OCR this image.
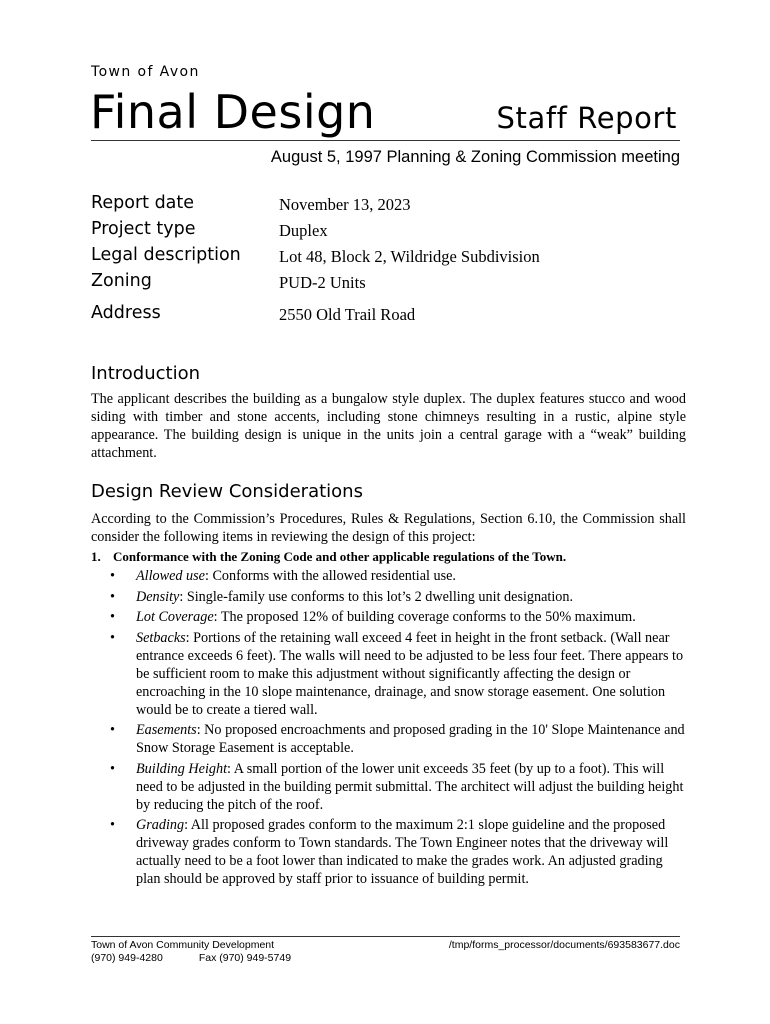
Town of Avon
Final Design	Staff Report
August 5, 1997 Planning & Zoning Commission meeting
Report date	November 13, 2023
Project type	Duplex
Legal description Lot 48, Block 2, Wildridge Subdivision
Zoning	PUD-2 Units
Address	2550 Old Trail Road
Introduction
The applicant describes the building as a bungalow style duplex. The duplex features stucco and wood siding with timber and stone accents, including stone chimneys resulting in a rustic, alpine style appearance. The building design is unique in the units join a central garage with a “weak” building attachment.
Design Review Considerations
According to the Commission’s Procedures, Rules & Regulations, Section 6.10, the Commission shall consider the following items in reviewing the design of this project:
1. Conformance with the Zoning Code and other applicable regulations of the Town.
• Allowed use: Conforms with the allowed residential use.
• Density: Single-family use conforms to this lot’s 2 dwelling unit designation.
• Lot Coverage: The proposed 12% of building coverage conforms to the 50% maximum.
• Setbacks: Portions of the retaining wall exceed 4 feet in height in the front setback. (Wall near entrance exceeds 6 feet). The walls will need to be adjusted to be less four feet. There appears to be sufficient room to make this adjustment without significantly affecting the design or encroaching in the 10 slope maintenance, drainage, and snow storage easement. One solution would be to create a tiered wall.
• Easements: No proposed encroachments and proposed grading in the 10' Slope Maintenance and Snow Storage Easement is acceptable.
• Building Height: A small portion of the lower unit exceeds 35 feet (by up to a foot). This will need to be adjusted in the building permit submittal. The architect will adjust the building height by reducing the pitch of the roof.
• Grading: All proposed grades conform to the maximum 2:1 slope guideline and the proposed driveway grades conform to Town standards. The Town Engineer notes that the driveway will actually need to be a foot lower than indicated to make the grades work. An adjusted grading plan should be approved by staff prior to issuance of building permit.
Town of Avon Community Development
(970) 949-4280	Fax (970) 949-5749
/tmp/forms_processor/documents/693583677.doc
